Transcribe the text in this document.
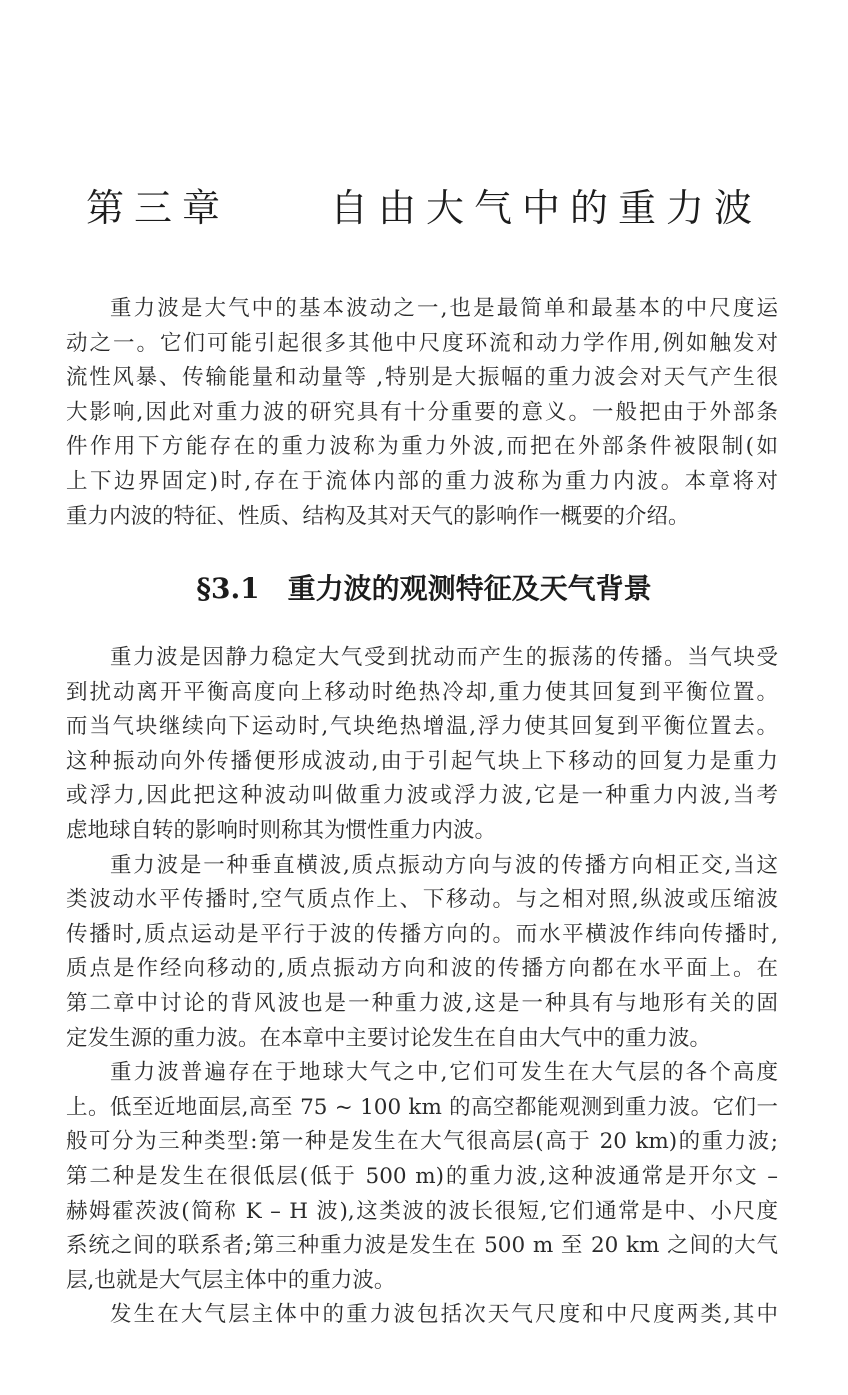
第三章　 自由大气中的重力波
重力波是大气中的基本波动之一,也是最简单和最基本的中尺度运
动之一。它们可能引起很多其他中尺度环流和动力学作用,例如触发对
流性风暴、传输能量和动量等 ,特别是大振幅的重力波会对天气产生很
大影响,因此对重力波的研究具有十分重要的意义。一般把由于外部条
件作用下方能存在的重力波称为重力外波,而把在外部条件被限制(如
上下边界固定)时,存在于流体内部的重力波称为重力内波。本章将对
重力内波的特征、性质、结构及其对天气的影响作一概要的介绍。
§3.1　重力波的观测特征及天气背景
重力波是因静力稳定大气受到扰动而产生的振荡的传播。当气块受
到扰动离开平衡高度向上移动时绝热冷却,重力使其回复到平衡位置。
而当气块继续向下运动时,气块绝热增温,浮力使其回复到平衡位置去。
这种振动向外传播便形成波动,由于引起气块上下移动的回复力是重力
或浮力,因此把这种波动叫做重力波或浮力波,它是一种重力内波,当考
虑地球自转的影响时则称其为惯性重力内波。
重力波是一种垂直横波,质点振动方向与波的传播方向相正交,当这
类波动水平传播时,空气质点作上、下移动。与之相对照,纵波或压缩波
传播时,质点运动是平行于波的传播方向的。而水平横波作纬向传播时,
质点是作经向移动的,质点振动方向和波的传播方向都在水平面上。在
第二章中讨论的背风波也是一种重力波,这是一种具有与地形有关的固
定发生源的重力波。在本章中主要讨论发生在自由大气中的重力波。
重力波普遍存在于地球大气之中,它们可发生在大气层的各个高度
上。低至近地面层,高至 75 ~ 100 km 的高空都能观测到重力波。它们一
般可分为三种类型:第一种是发生在大气很高层(高于 20 km)的重力波;
第二种是发生在很低层(低于 500 m)的重力波,这种波通常是开尔文 –
赫姆霍茨波(简称 K – H 波),这类波的波长很短,它们通常是中、小尺度
系统之间的联系者;第三种重力波是发生在 500 m 至 20 km 之间的大气
层,也就是大气层主体中的重力波。
发生在大气层主体中的重力波包括次天气尺度和中尺度两类,其中
